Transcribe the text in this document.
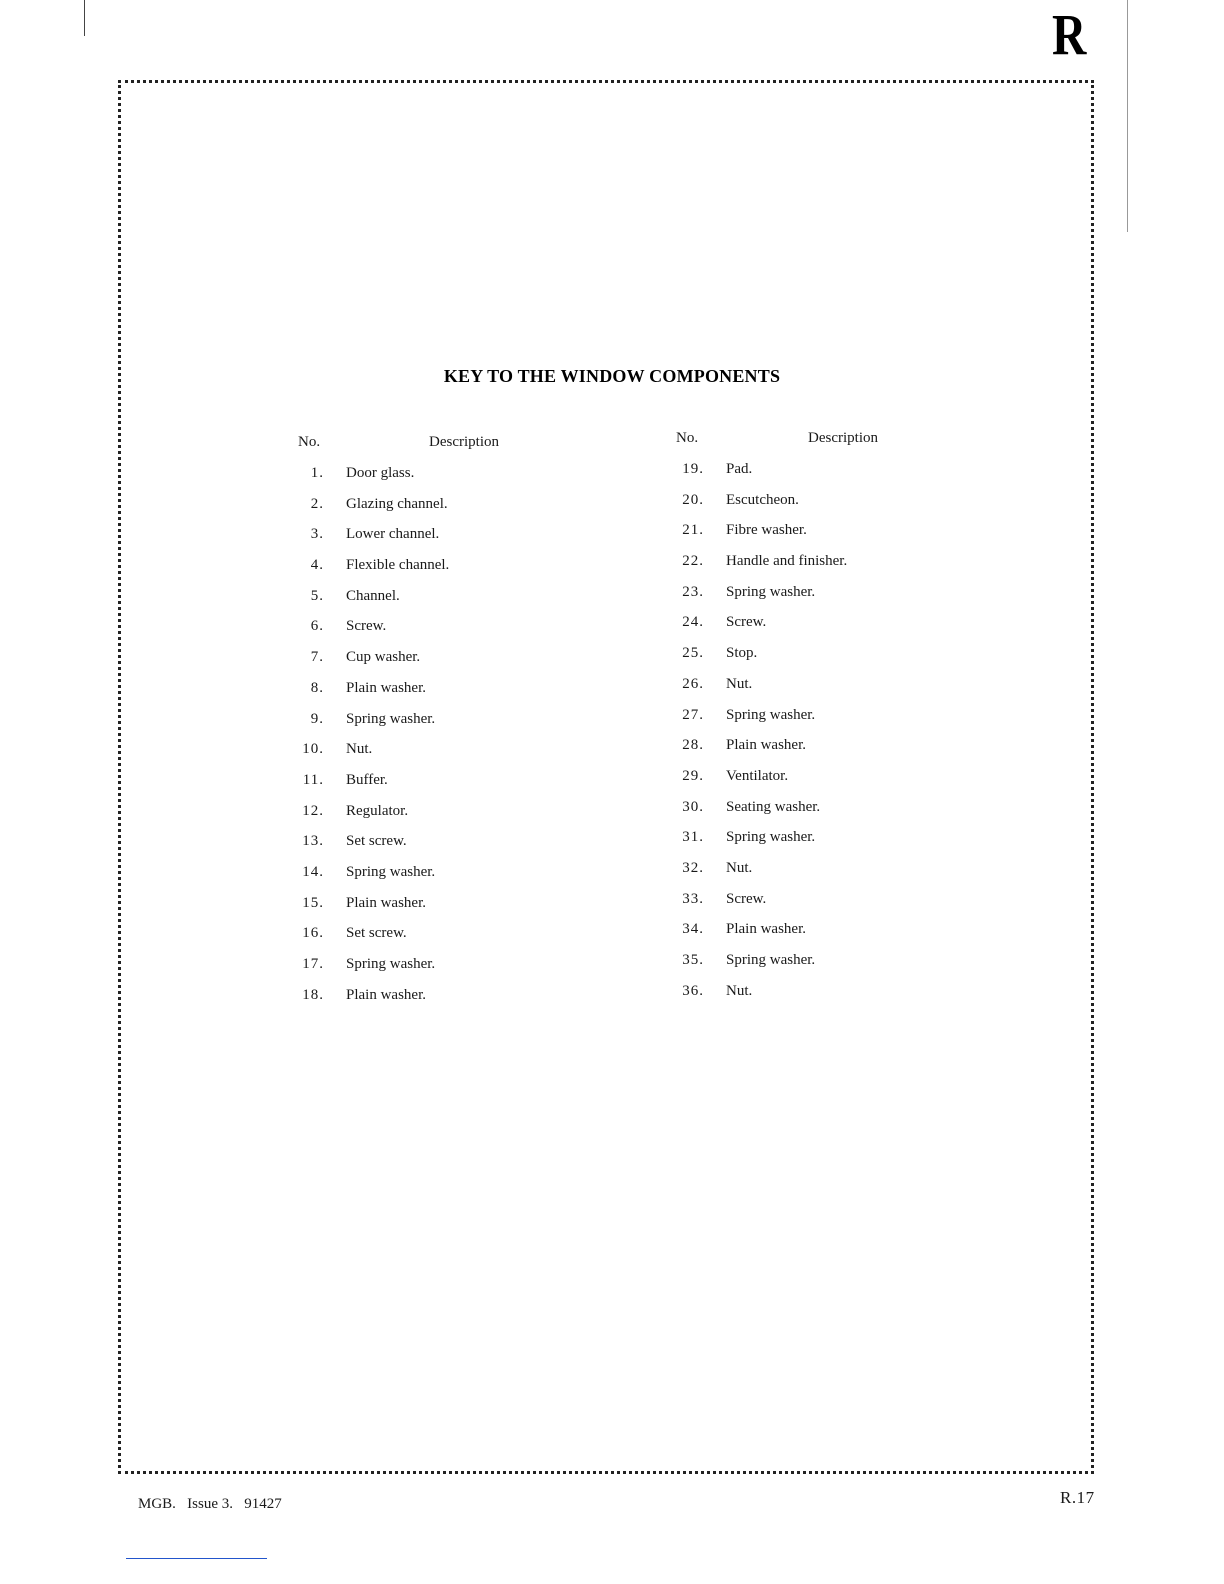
R
KEY TO THE WINDOW COMPONENTS
No.	Description
1. Door glass.
2. Glazing channel.
3. Lower channel.
4. Flexible channel.
5. Channel.
6. Screw.
7. Cup washer.
8. Plain washer.
9. Spring washer.
10. Nut.
11. Buffer.
12. Regulator.
13. Set screw.
14. Spring washer.
15. Plain washer.
16. Set screw.
17. Spring washer.
18. Plain washer.
No.	Description
19. Pad.
20. Escutcheon.
21. Fibre washer.
22. Handle and finisher.
23. Spring washer.
24. Screw.
25. Stop.
26. Nut.
27. Spring washer.
28. Plain washer.
29. Ventilator.
30. Seating washer.
31. Spring washer.
32. Nut.
33. Screw.
34. Plain washer.
35. Spring washer.
36. Nut.
MGB.   Issue 3.   91427	R.17
